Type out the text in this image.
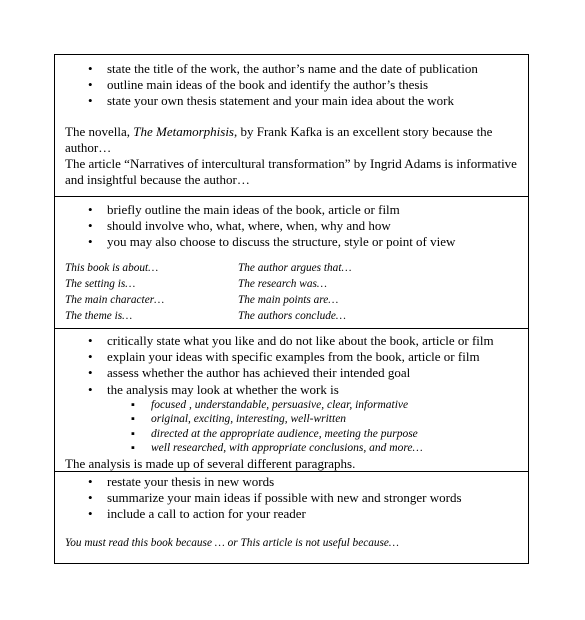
• state the title of the work, the author’s name and the date of publication
• outline main ideas of the book and identify the author’s thesis
• state your own thesis statement and your main idea about the work
The novella, The Metamorphisis, by Frank Kafka is an excellent story because the author…
The article “Narratives of intercultural transformation” by Ingrid Adams is informative and insightful because the author…
• briefly outline the main ideas of the book, article or film
• should involve who, what, where, when, why and how
• you may also choose to discuss the structure, style or point of view
This book is about…	The author argues that…
The setting is…	The research was…
The main character…	The main points are…
The theme is…	The authors conclude…
• critically state what you like and do not like about the book, article or film
• explain your ideas with specific examples from the book, article or film
• assess whether the author has achieved their intended goal
• the analysis may look at whether the work is
▪ focused , understandable, persuasive, clear, informative
▪ original, exciting, interesting, well-written
▪ directed at the appropriate audience, meeting the purpose
▪ well researched, with appropriate conclusions, and more…
The analysis is made up of several different paragraphs.
• restate your thesis in new words
• summarize your main ideas if possible with new and stronger words
• include a call to action for your reader
You must read this book because … or This article is not useful because…
